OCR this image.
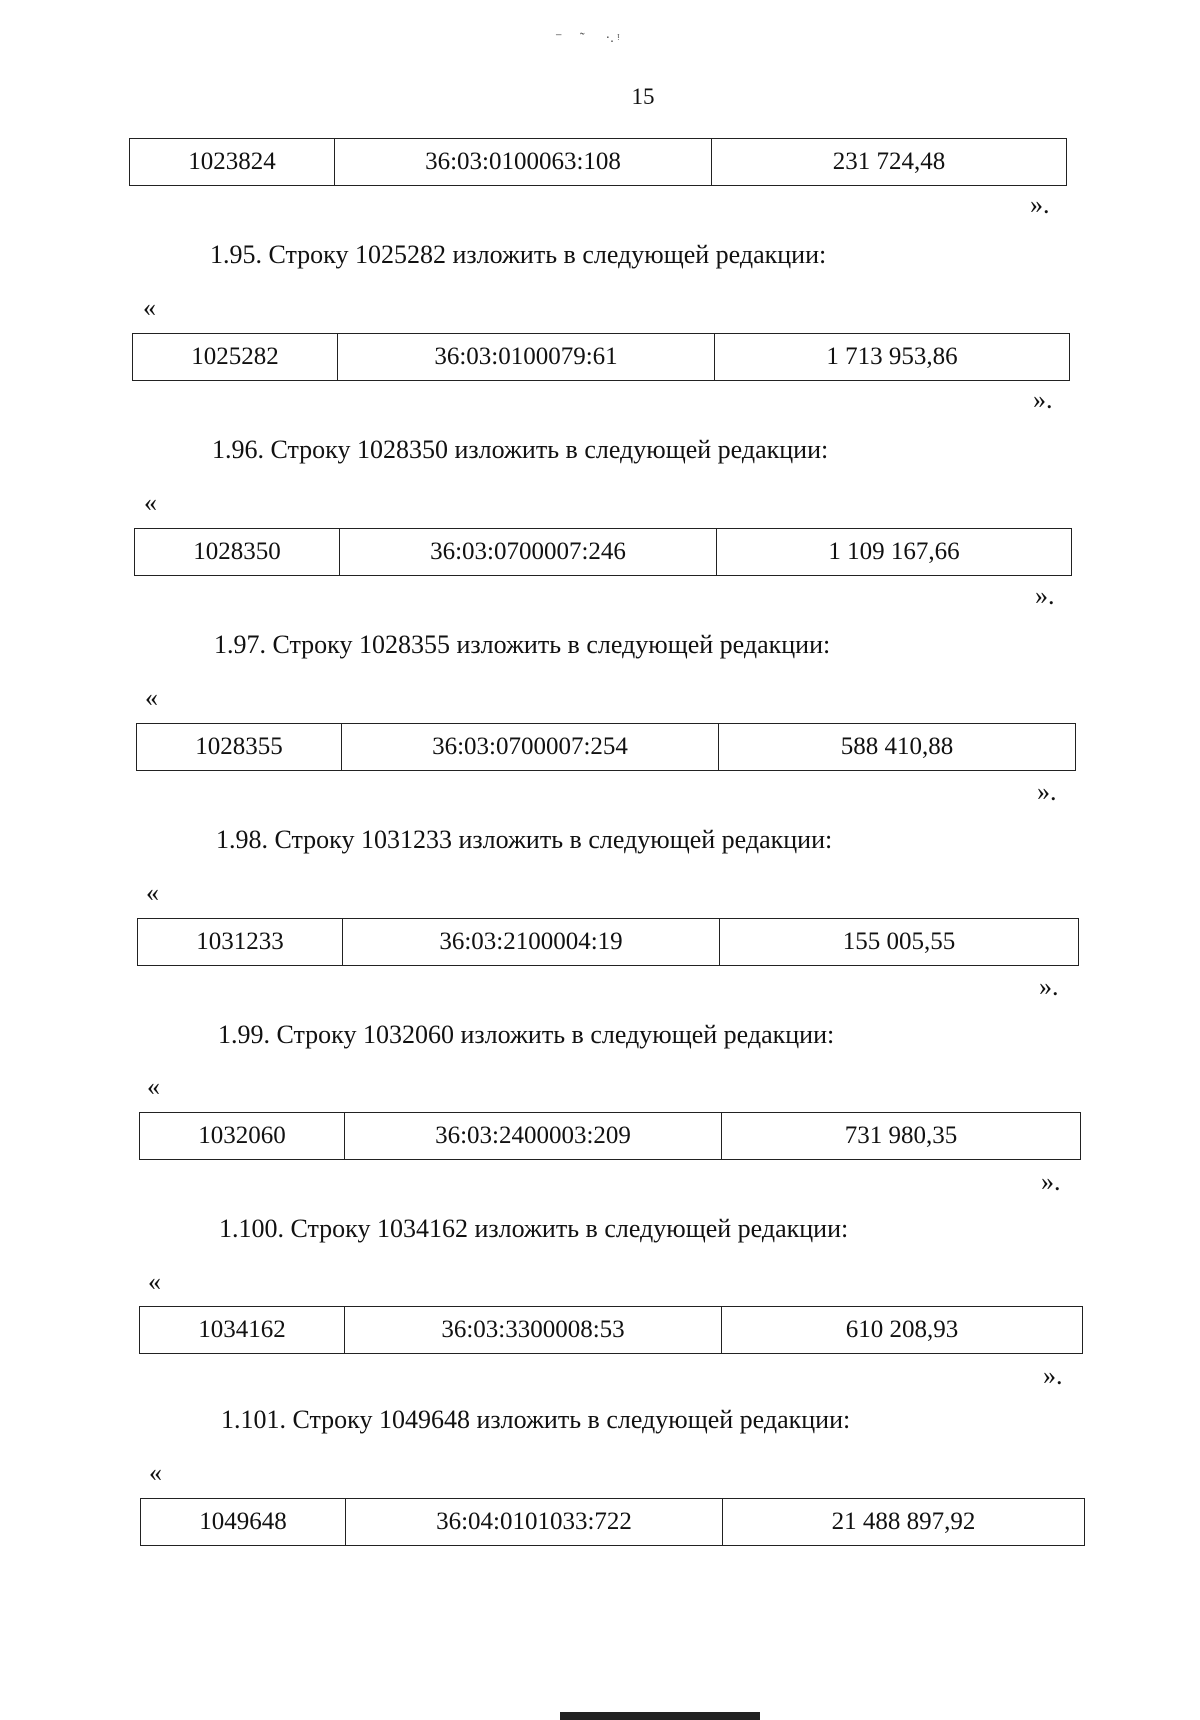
⁻     ˜      ·. ᵎ
15
1023824	36:03:0100063:108	231 724,48
».
1.95. Строку 1025282 изложить в следующей редакции:
«
1025282	36:03:0100079:61	1 713 953,86
».
1.96. Строку 1028350 изложить в следующей редакции:
«
1028350	36:03:0700007:246	1 109 167,66
».
1.97. Строку 1028355 изложить в следующей редакции:
«
1028355	36:03:0700007:254	588 410,88
».
1.98. Строку 1031233 изложить в следующей редакции:
«
1031233	36:03:2100004:19	155 005,55
».
1.99. Строку 1032060 изложить в следующей редакции:
«
1032060	36:03:2400003:209	731 980,35
».
1.100. Строку 1034162 изложить в следующей редакции:
«
1034162	36:03:3300008:53	610 208,93
».
1.101. Строку 1049648 изложить в следующей редакции:
«
1049648	36:04:0101033:722	21 488 897,92
